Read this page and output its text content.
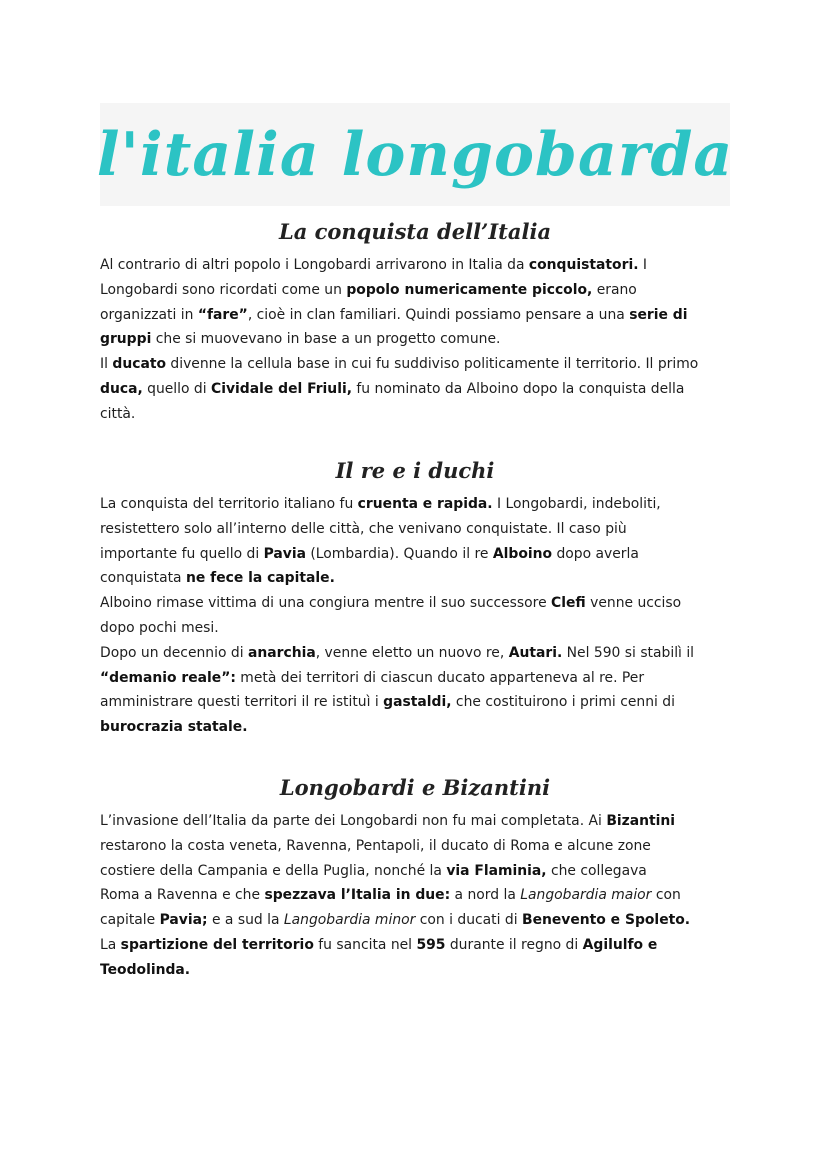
l'italia longobarda
La conquista dell’Italia

Al contrario di altri popolo i Longobardi arrivarono in Italia da conquistatori. I
Longobardi sono ricordati come un popolo numericamente piccolo, erano
organizzati in “fare”, cioè in clan familiari. Quindi possiamo pensare a una serie di
gruppi che si muovevano in base a un progetto comune.
Il ducato divenne la cellula base in cui fu suddiviso politicamente il territorio. Il primo
duca, quello di Cividale del Friuli, fu nominato da Alboino dopo la conquista della
città.

Il re e i duchi

La conquista del territorio italiano fu cruenta e rapida. I Longobardi, indeboliti,
resistettero solo all’interno delle città, che venivano conquistate. Il caso più
importante fu quello di Pavia (Lombardia). Quando il re Alboino dopo averla
conquistata ne fece la capitale.
Alboino rimase vittima di una congiura mentre il suo successore Clefi venne ucciso
dopo pochi mesi.
Dopo un decennio di anarchia, venne eletto un nuovo re, Autari. Nel 590 si stabilì il
“demanio reale”: metà dei territori di ciascun ducato apparteneva al re. Per
amministrare questi territori il re istituì i gastaldi, che costituirono i primi cenni di
burocrazia statale.

Longobardi e Bizantini

L’invasione dell’Italia da parte dei Longobardi non fu mai completata. Ai Bizantini
restarono la costa veneta, Ravenna, Pentapoli, il ducato di Roma e alcune zone
costiere della Campania e della Puglia, nonché la via Flaminia, che collegava
Roma a Ravenna e che spezzava l’Italia in due: a nord la Langobardia maior con
capitale Pavia; e a sud la Langobardia minor con i ducati di Benevento e Spoleto.
La spartizione del territorio fu sancita nel 595 durante il regno di Agilulfo e
Teodolinda.
